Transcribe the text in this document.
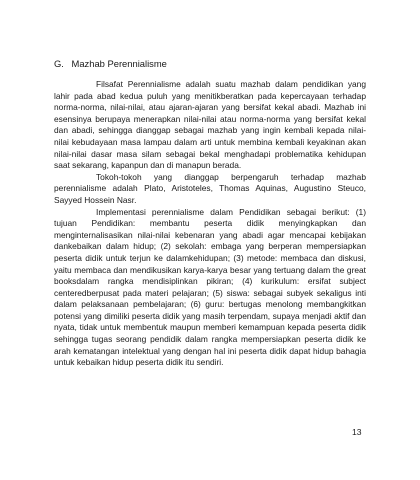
G. Mazhab Perennialisme

Filsafat Perennialisme adalah suatu mazhab dalam pendidikan yang lahir pada abad kedua puluh yang menitikberatkan pada kepercayaan terhadap norma-norma, nilai-nilai, atau ajaran-ajaran yang bersifat kekal abadi. Mazhab ini esensinya berupaya menerapkan nilai-nilai atau norma-norma yang bersifat kekal dan abadi, sehingga dianggap sebagai mazhab yang ingin kembali kepada nilai-nilai kebudayaan masa lampau dalam arti untuk membina kembali keyakinan akan nilai-nilai dasar masa silam sebagai bekal menghadapi problematika kehidupan saat sekarang, kapanpun dan di manapun berada.

Tokoh-tokoh yang dianggap berpengaruh terhadap mazhab perennialisme adalah Plato, Aristoteles, Thomas Aquinas, Augustino Steuco, Sayyed Hossein Nasr.

Implementasi perennialisme dalam Pendidikan sebagai berikut: (1) tujuan Pendidikan: membantu peserta didik menyingkapkan dan menginternalisasikan nilai-nilai kebenaran yang abadi agar mencapai kebijakan dankebaikan dalam hidup; (2) sekolah: embaga yang berperan mempersiapkan peserta didik untuk terjun ke dalamkehidupan; (3) metode: membaca dan diskusi, yaitu membaca dan mendikusikan karya-karya besar yang tertuang dalam the great booksdalam rangka mendisiplinkan pikiran; (4) kurikulum: ersifat subject centeredberpusat pada materi pelajaran; (5) siswa: sebagai subyek sekaligus inti dalam pelaksanaan pembelajaran; (6) guru: bertugas menolong membangkitkan potensi yang dimiliki peserta didik yang masih terpendam, supaya menjadi aktif dan nyata, tidak untuk membentuk maupun memberi kemampuan kepada peserta didik sehingga tugas seorang pendidik dalam rangka mempersiapkan peserta didik ke arah kematangan intelektual yang dengan hal ini peserta didik dapat hidup bahagia untuk kebaikan hidup peserta didik itu sendiri.

13
